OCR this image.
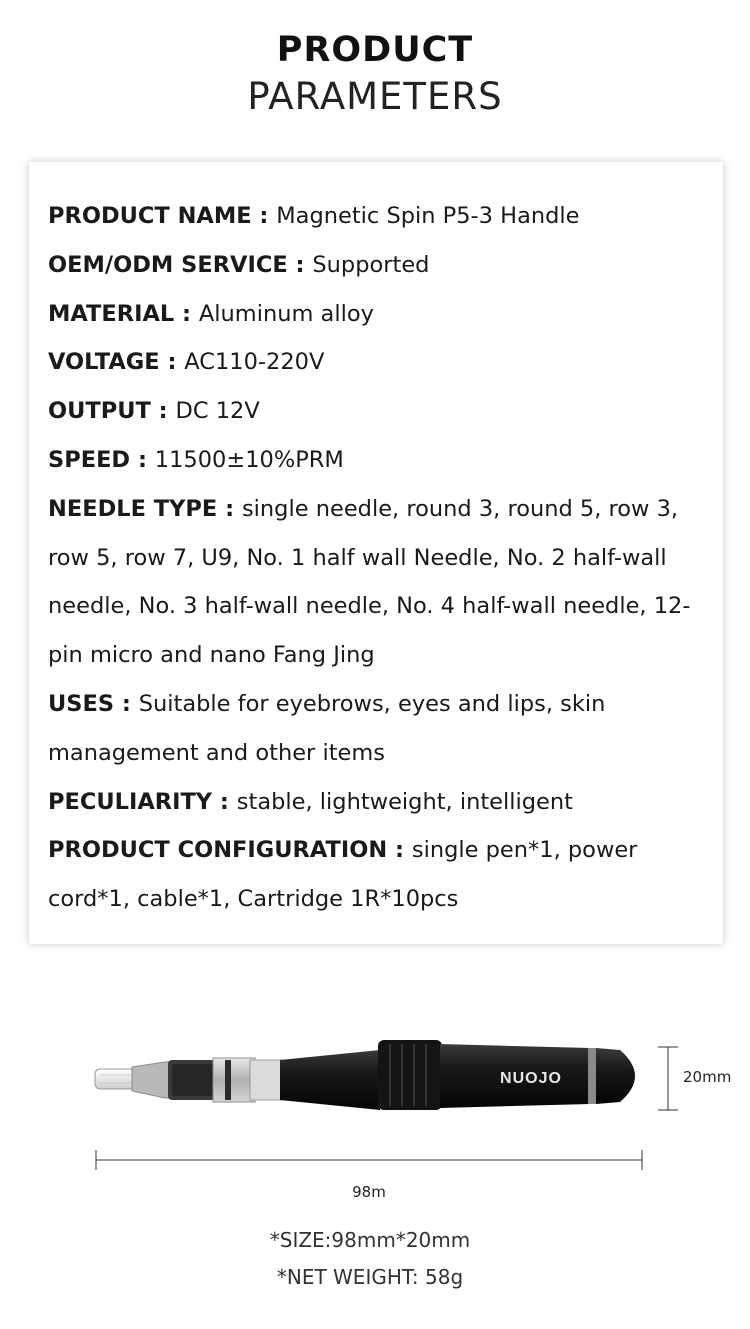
PRODUCT
PARAMETERS

PRODUCT NAME : Magnetic Spin P5-3 Handle

OEM/ODM SERVICE : Supported

MATERIAL : Aluminum alloy

VOLTAGE : AC110-220V

OUTPUT : DC 12V

SPEED : 11500±10%PRM

NEEDLE TYPE : single needle, round 3, round 5, row 3, row 5, row 7, U9, No. 1 half wall Needle, No. 2 half-wall needle, No. 3 half-wall needle, No. 4 half-wall needle, 12-pin micro and nano Fang Jing

USES : Suitable for eyebrows, eyes and lips, skin management and other items

PECULIARITY : stable, lightweight, intelligent

PRODUCT CONFIGURATION : single pen*1, power cord*1, cable*1, Cartridge 1R*10pcs

NUOJO	20mm
98m
*SIZE:98mm*20mm
*NET WEIGHT: 58g
